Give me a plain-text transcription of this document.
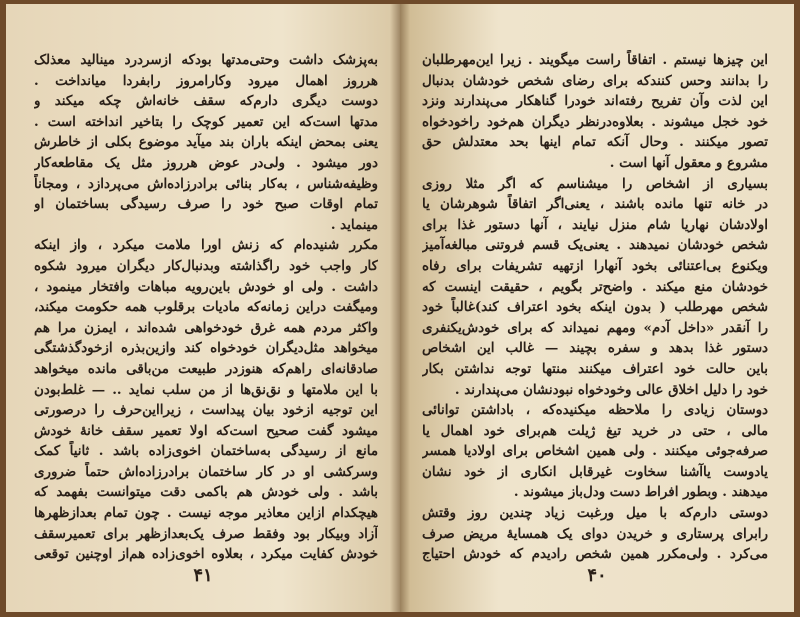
به‌پزشک داشت وحتی‌مدتها بودکه ازسردرد مینالید معذلک
هرروز اهمال میرود وکارامروز رابفردا میانداخت .
دوست دیگری دارم‌که سقف خانه‌اش چکه میکند و
مدتها است‌که این تعمیر کوچک را بتاخیر انداخته است .
یعنی بمحض اینکه باران بند میآید موضوع بکلی از خاطرش
دور میشود . ولی‌در عوض هرروز مثل یک مقاطعه‌کار
وظیفه‌شناس ، به‌کار بنائی برادرزاده‌اش می‌پردازد ، ومجاناً
تمام اوقات صبح خود را صرف رسیدگی بساختمان او
مینماید .
مکرر شنیده‌ام که زنش اورا ملامت میکرد ، واز اینکه
کار واجب خود راگذاشته وبدنبال‌کار دیگران میرود شکوه
داشت . ولی او خودش باین‌رویه مباهات وافتخار مینمود ،
ومیگفت دراین زمانه‌که مادیات برقلوب همه حکومت میکند،
واکثر مردم همه غرق خودخواهی شده‌اند ، ایمزن مرا هم
میخواهد مثل‌دیگران خودخواه کند وازین‌بذره ازخودگذشتگی
صادقانه‌ای راهم‌که هنوزدر طبیعت من‌باقی مانده میخواهد
با این ملامتها و نق‌نق‌ها از من سلب نماید .. — غلط‌بودن
این توجیه ازخود بیان پیداست ، زیرااین‌حرف را درصورتی
میشود گفت صحیح است‌که اولا تعمیر سقف خانهٔ خودش
مانع از رسیدگی به‌ساختمان اخوی‌زاده باشد . ثانیاً کمک
وسرکشی او در کار ساختمان برادرزاده‌اش حتماً ضروری
باشد . ولی خودش هم باکمی دقت میتوانست بفهمد که
هیچکدام ازاین معاذیر موجه نیست . چون تمام بعدازظهرها
آزاد وبیکار بود وفقط صرف یک‌بعد‌ازظهر برای تعمیرسقف
خودش کفایت میکرد ، بعلاوه اخوی‌زاده هم‌از اوچنین توقعی
۴۱
این چیزها نیستم . اتفاقاً راست میگویند . زیرا این‌مهرطلبان
را بدانند وحس کنندکه برای رضای شخص خودشان بدنبال
این لذت وآن تفریح رفته‌اند خودرا گناهکار می‌پندارند ونزد
خود خجل میشوند . بعلاوه‌درنظر دیگران هم‌خود راخودخواه
تصور میکنند . وحال آنکه تمام اینها بحد معتدلش حق
مشروع و معقول آنها است .
بسیاری از اشخاص را میشناسم که اگر مثلا روزی
در خانه تنها مانده باشند ، یعنی‌اگر اتفاقاً شوهرشان یا
اولادشان نهاریا شام منزل نیایند ، آنها دستور غذا برای
شخص خودشان نمیدهند . یعنی‌یک قسم فروتنی مبالغه‌آمیز
ویکنوع بی‌اعتنائی بخود آنهارا ازتهیه تشریفات برای رفاه
خودشان منع میکند . واضح‌تر بگویم ، حقیقت اینست که
شخص مهرطلب ( بدون اینکه بخود اعتراف کند)غالباً خود
را آنقدر «داخل آدم» ومهم نمیداند که برای خودش‌یکنفری
دستور غذا بدهد و سفره بچیند — غالب این اشخاص
باین حالت خود اعتراف میکنند منتها توجه نداشتن بکار
خود را دلیل اخلاق عالی وخودخواه نبودنشان می‌پندارند .
دوستان زیادی را ملاحظه میکنیده‌که ، باداشتن توانائی
مالی ، حتی در خرید تیغ ژیلت هم‌برای خود اهمال یا
صرفه‌جوئی میکنند . ولی همین اشخاص برای اولادیا همسر
یادوست یاآشنا سخاوت غیرقابل انکاری از خود نشان
میدهند . وبطور افراط دست ودل‌باز میشوند .
دوستی دارم‌که با میل ورغبت زیاد چندین روز وقتش
رابرای پرستاری و خریدن دوای یک همسایهٔ مریض صرف
می‌کرد . ولی‌مکرر همین شخص رادیدم که خودش احتیاج
۴۰
